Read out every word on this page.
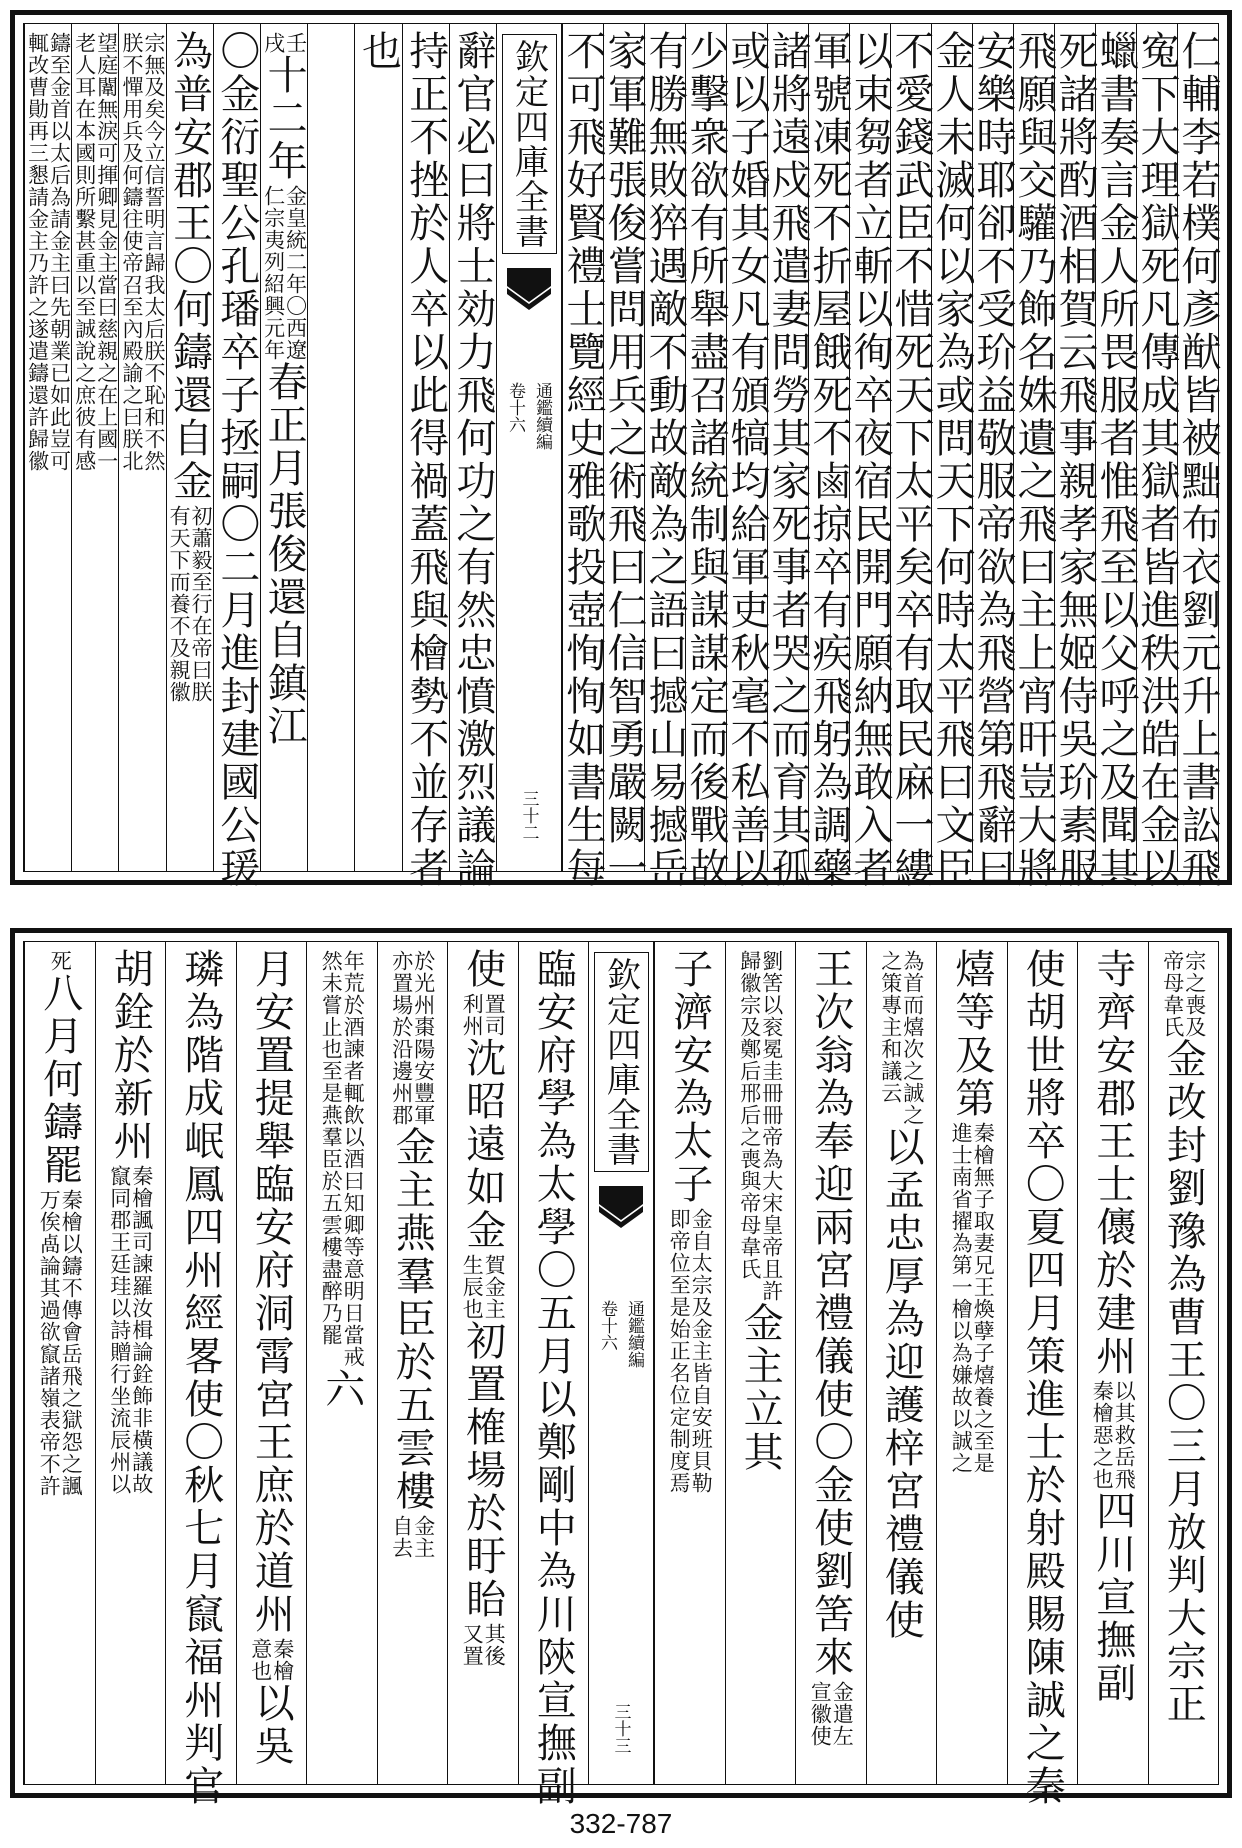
辭官必曰將士効力飛何功之有然忠憤激烈議論
持正不挫於人卒以此得禍蓋飛與檜勢不並存者
也
壬
戌
十二年
金皇統二年〇西遼
仁宗夷列紹興元年
春正月張俊還自鎮江
〇金衍聖公孔璠卒子拯嗣〇二月進封建國公瑗
為普安郡王〇何鑄還自金
初蕭毅至行在帝曰朕
有天下而養不及親徽
宗無及矣今立信誓明言歸我太后朕不恥和不然
朕不憚用兵及何鑄往使帝召至內殿諭之曰朕北
望庭闈無淚可揮卿見金主當曰慈親之在上國一
老人耳在本國則所繫甚重以至誠說之庶彼有感
鑄至金首以太后為請金主曰先朝業已如此豈可
輒改曹勛再三懇請金主乃許之遂遣鑄還許歸徽	欽定四庫全書
通鑑續編
卷十六
三十二	仁輔李若樸何彥猷皆被黜布衣劉元升上書訟飛
寃下大理獄死凡傳成其獄者皆進秩洪皓在金以
蠟書奏言金人所畏服者惟飛至以父呼之及聞其
死諸將酌酒相賀云飛事親孝家無姬侍吳玠素服
飛願與交驩乃飾名姝遺之飛曰主上宵旰豈大將
安樂時耶卻不受玠益敬服帝欲為飛營第飛辭曰
金人未滅何以家為或問天下何時太平飛曰文臣
不愛錢武臣不惜死天下太平矣卒有取民麻一縷
以束芻者立斬以徇卒夜宿民開門願納無敢入者
軍號凍死不折屋餓死不鹵掠卒有疾飛躬為調藥
諸將遠戍飛遣妻問勞其家死事者哭之而育其孤
或以子婚其女凡有頒犒均給軍吏秋毫不私善以
少擊衆欲有所舉盡召諸統制與謀謀定而後戰故
有勝無敗猝遇敵不動故敵為之語曰撼山易撼岳
家軍難張俊嘗問用兵之術飛曰仁信智勇嚴闕一
不可飛好賢禮士覽經史雅歌投壺恂恂如書生每
臨安府學為太學〇五月以鄭剛中為川陝宣撫副
使
置司
利州
沈昭遠如金
賀金主
生辰也
初置榷場於盱眙
其後
又置
於光州棗陽安豐軍
亦置場於沿邊州郡
金主燕羣臣於五雲樓
金主
自去
年荒於酒諫者輒飲以酒曰知卿等意明日當戒
然未嘗止也至是燕羣臣於五雲樓盡醉乃罷
六
月安置提舉臨安府洞霄宮王庶於道州
秦檜
意也
以吳
璘為階成岷鳳四州經畧使〇秋七月竄福州判官
胡銓於新州
秦檜諷司諫羅汝楫論銓飾非橫議故
竄同郡王廷珪以詩贈行坐流辰州以
死
八月何鑄罷
秦檜以鑄不傳會岳飛之獄怨之諷
万俟卨論其過欲竄諸嶺表帝不許
欽定四庫全書
通鑑續編
卷十六
三十三
宗之喪及
帝母韋氏
金改封劉豫為曹王〇三月放判大宗正
寺齊安郡王士㒟於建州
以其救岳飛
秦檜惡之也
四川宣撫副
使胡世將卒〇夏四月策進士於射殿賜陳誠之秦
熺等及第
秦檜無子取妻兄王煥孽子熺養之至是
進士南省擢為第一檜以為嫌故以誠之
為首而熺次之誠之
之策專主和議云
以孟忠厚為迎護梓宮禮儀使
王次翁為奉迎兩宮禮儀使〇金使劉筈來
金遣左
宣徽使
劉筈以衮冕圭冊冊帝為大宋皇帝且許
歸徽宗及鄭后邢后之喪與帝母韋氏
金主立其
子濟安為太子
金自太宗及金主皆自安班貝勒
即帝位至是始正名位定制度焉
332-787
